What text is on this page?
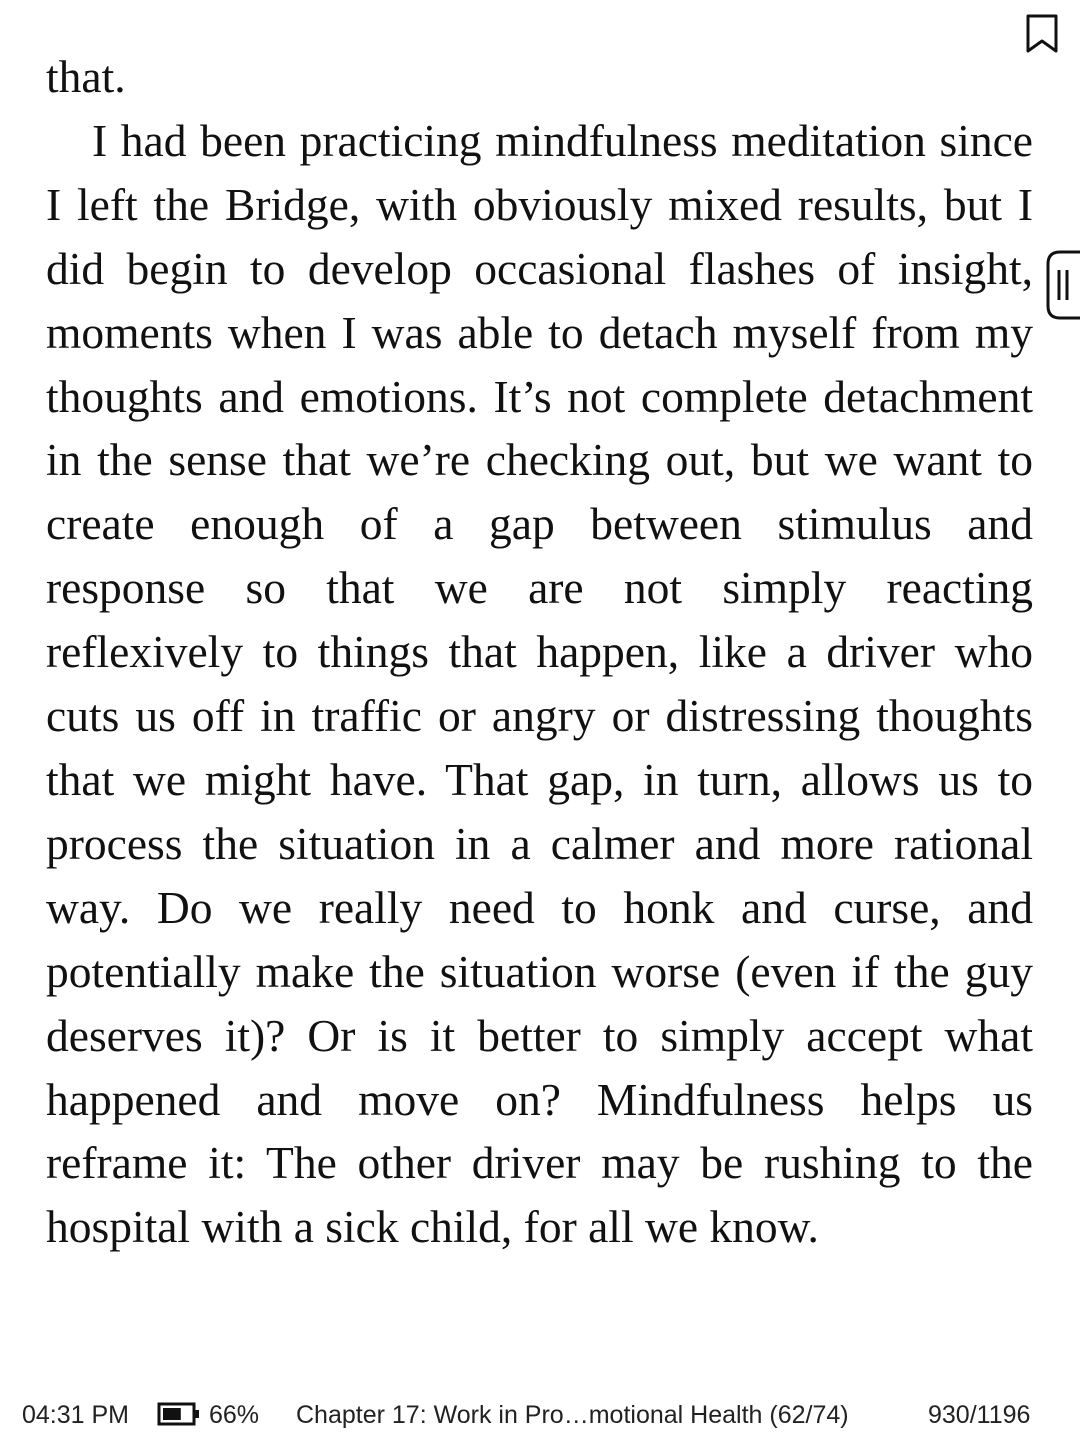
that.

I had been practicing mindfulness meditation since I left the Bridge, with obviously mixed results, but I did begin to develop occasional flashes of insight, moments when I was able to detach myself from my thoughts and emotions. It’s not complete detachment in the sense that we’re checking out, but we want to create enough of a gap between stimulus and response so that we are not simply reacting reflexively to things that happen, like a driver who cuts us off in traffic or angry or distressing thoughts that we might have. That gap, in turn, allows us to process the situation in a calmer and more rational way. Do we really need to honk and curse, and potentially make the situation worse (even if the guy deserves it)? Or is it better to simply accept what happened and move on? Mindfulness helps us reframe it: The other driver may be rushing to the hospital with a sick child, for all we know.

04:31 PM	66% Chapter 17: Work in Pro…motional Health (62/74)	930/1196
